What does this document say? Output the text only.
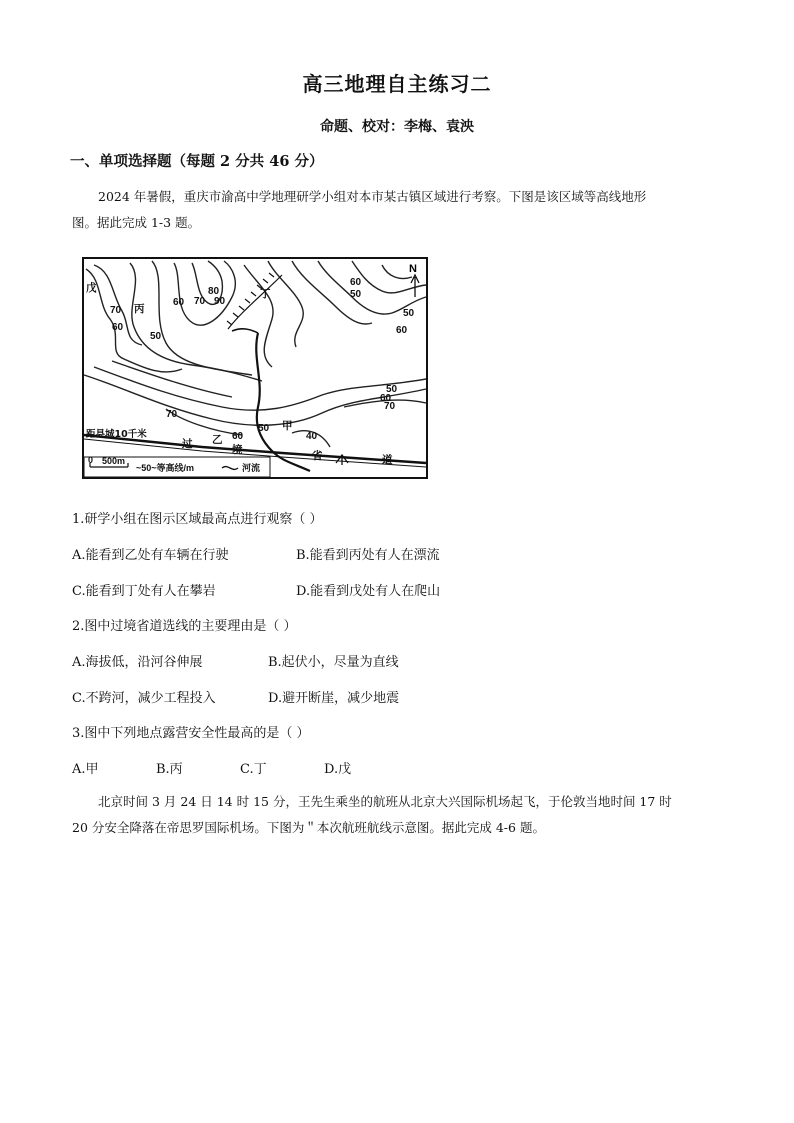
高三地理自主练习二
命题、校对：李梅、袁泱
一、单项选择题（每题 2 分共 46 分）
2024 年暑假，重庆市渝高中学地理研学小组对本市某古镇区域进行考察。下图是该区域等高线地形
图。据此完成 1-3 题。
N
70
60
50
60
80
70 90
60
50
50
60
50
60
70
70
60
50
40
戊
丙
丁
乙
甲
距县城10千米
过	境	省	道
0 500m
~50~等高线/m	河流
1.研学小组在图示区域最高点进行观察（ ）
A.能看到乙处有车辆在行驶	B.能看到丙处有人在漂流
C.能看到丁处有人在攀岩	D.能看到戊处有人在爬山
2.图中过境省道选线的主要理由是（ ）
A.海拔低，沿河谷伸展	B.起伏小，尽量为直线
C.不跨河，减少工程投入	D.避开断崖，减少地震
3.图中下列地点露营安全性最高的是（ ）
A.甲	B.丙	C.丁	D.戊
北京时间 3 月 24 日 14 时 15 分，王先生乘坐的航班从北京大兴国际机场起飞，于伦敦当地时间 17 时
20 分安全降落在帝思罗国际机场。下图为＂本次航班航线示意图。据此完成 4-6 题。
